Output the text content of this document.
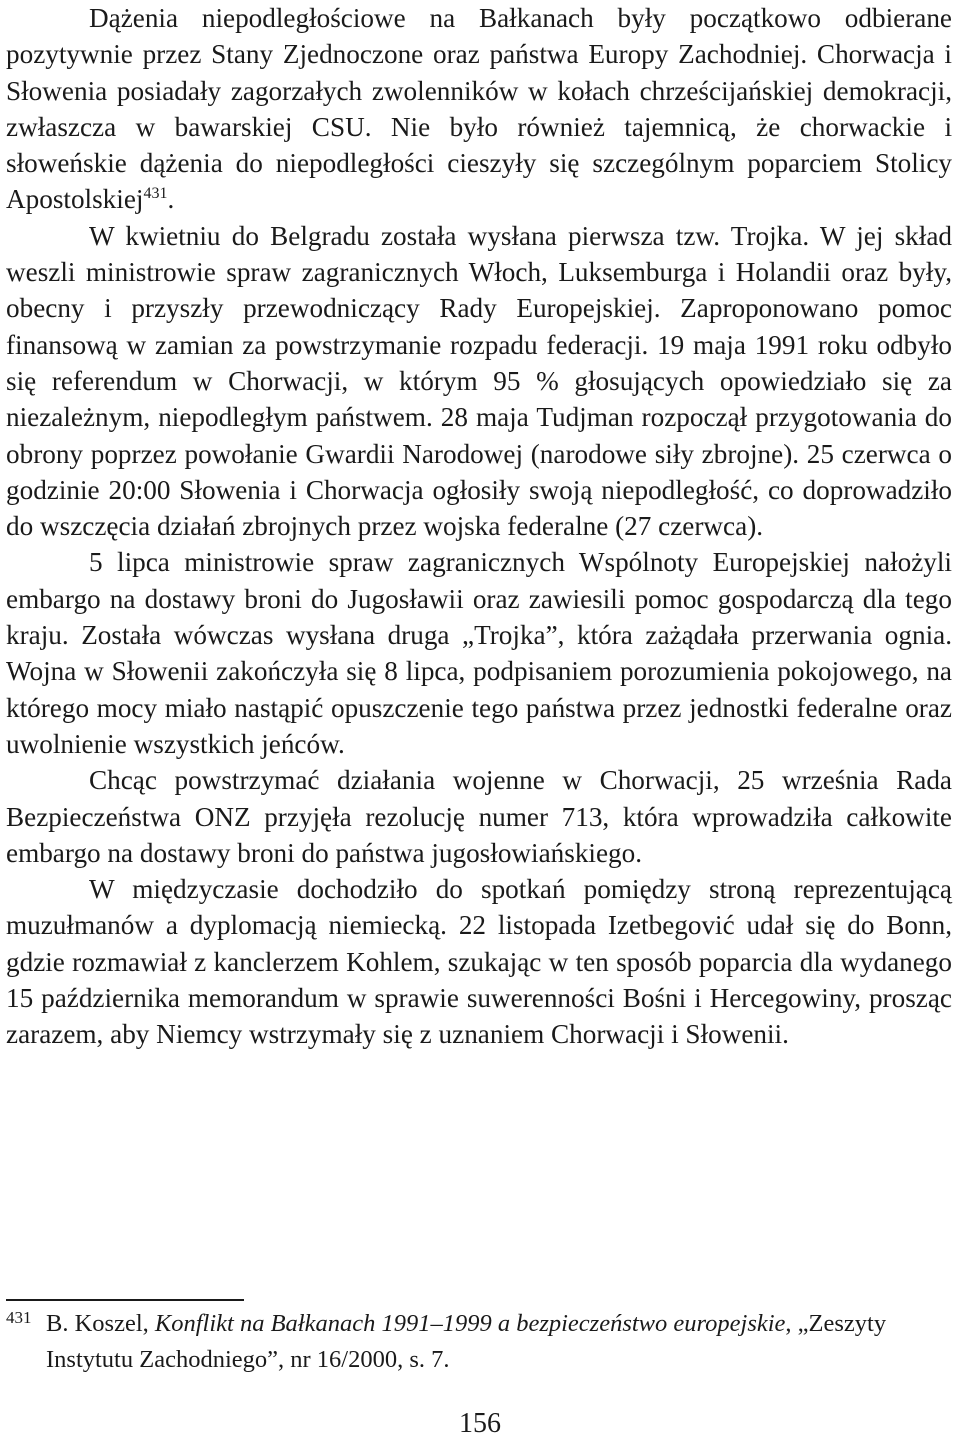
Dążenia niepodległościowe na Bałkanach były początkowo odbierane pozytywnie przez Stany Zjednoczone oraz państwa Europy Zachodniej. Chorwacja i Słowenia posiadały zagorzałych zwolenników w kołach chrześcijańskiej demokracji, zwłaszcza w bawarskiej CSU. Nie było również tajemnicą, że chorwackie i słoweńskie dążenia do niepodległości cieszyły się szczególnym poparciem Stolicy Apostolskiej$^{431}$.

W kwietniu do Belgradu została wysłana pierwsza tzw. Trojka. W jej skład weszli ministrowie spraw zagranicznych Włoch, Luksemburga i Holandii oraz były, obecny i przyszły przewodniczący Rady Europejskiej. Zaproponowano pomoc finansową w zamian za powstrzymanie rozpadu federacji. 19 maja 1991 roku odbyło się referendum w Chorwacji, w którym 95 % głosujących opowiedziało się za niezależnym, niepodległym państwem. 28 maja Tudjman rozpoczął przygotowania do obrony poprzez powołanie Gwardii Narodowej (narodowe siły zbrojne). 25 czerwca o godzinie 20:00 Słowenia i Chorwacja ogłosiły swoją niepodległość, co doprowadziło do wszczęcia działań zbrojnych przez wojska federalne (27 czerwca).

5 lipca ministrowie spraw zagranicznych Wspólnoty Europejskiej nałożyli embargo na dostawy broni do Jugosławii oraz zawiesili pomoc gospodarczą dla tego kraju. Została wówczas wysłana druga „Trojka”, która zażądała przerwania ognia. Wojna w Słowenii zakończyła się 8 lipca, podpisaniem porozumienia pokojowego, na którego mocy miało nastąpić opuszczenie tego państwa przez jednostki federalne oraz uwolnienie wszystkich jeńców.

Chcąc powstrzymać działania wojenne w Chorwacji, 25 września Rada Bezpieczeństwa ONZ przyjęła rezolucję numer 713, która wprowadziła całkowite embargo na dostawy broni do państwa jugosłowiańskiego.

W międzyczasie dochodziło do spotkań pomiędzy stroną reprezentującą muzułmanów a dyplomacją niemiecką. 22 listopada Izetbegović udał się do Bonn, gdzie rozmawiał z kanclerzem Kohlem, szukając w ten sposób poparcia dla wydanego 15 października memorandum w sprawie suwerenności Bośni i Hercegowiny, prosząc zarazem, aby Niemcy wstrzymały się z uznaniem Chorwacji i Słowenii.

431 B. Koszel, Konflikt na Bałkanach 1991–1999 a bezpieczeństwo europejskie, „Zeszyty Instytutu Zachodniego”, nr 16/2000, s. 7.
156
